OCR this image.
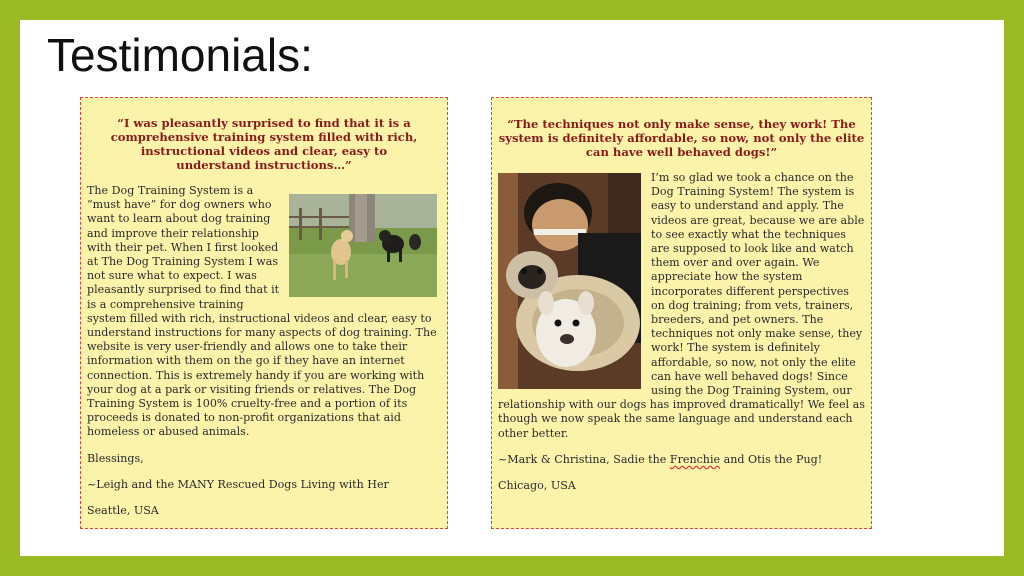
Testimonials:

“I was pleasantly surprised to find that it is a comprehensive training system filled with rich, instructional videos and clear, easy to understand instructions…”

The Dog Training System is a “must have” for dog owners who want to learn about dog training and improve their relationship with their pet. When I first looked at The Dog Training System I was not sure what to expect. I was pleasantly surprised to find that it is a comprehensive training system filled with rich, instructional videos and clear, easy to understand instructions for many aspects of dog training. The website is very user-friendly and allows one to take their information with them on the go if they have an internet connection. This is extremely handy if you are working with your dog at a park or visiting friends or relatives. The Dog Training System is 100% cruelty-free and a portion of its proceeds is donated to non-profit organizations that aid homeless or abused animals.

Blessings,

~Leigh and the MANY Rescued Dogs Living with Her

Seattle, USA

“The techniques not only make sense, they work! The system is definitely affordable, so now, not only the elite can have well behaved dogs!”

I’m so glad we took a chance on the Dog Training System! The system is easy to understand and apply. The videos are great, because we are able to see exactly what the techniques are supposed to look like and watch them over and over again. We appreciate how the system incorporates different perspectives on dog training; from vets, trainers, breeders, and pet owners. The techniques not only make sense, they work! The system is definitely affordable, so now, not only the elite can have well behaved dogs! Since using the Dog Training System, our relationship with our dogs has improved dramatically! We feel as though we now speak the same language and understand each other better.

~Mark & Christina, Sadie the Frenchie and Otis the Pug!

Chicago, USA
